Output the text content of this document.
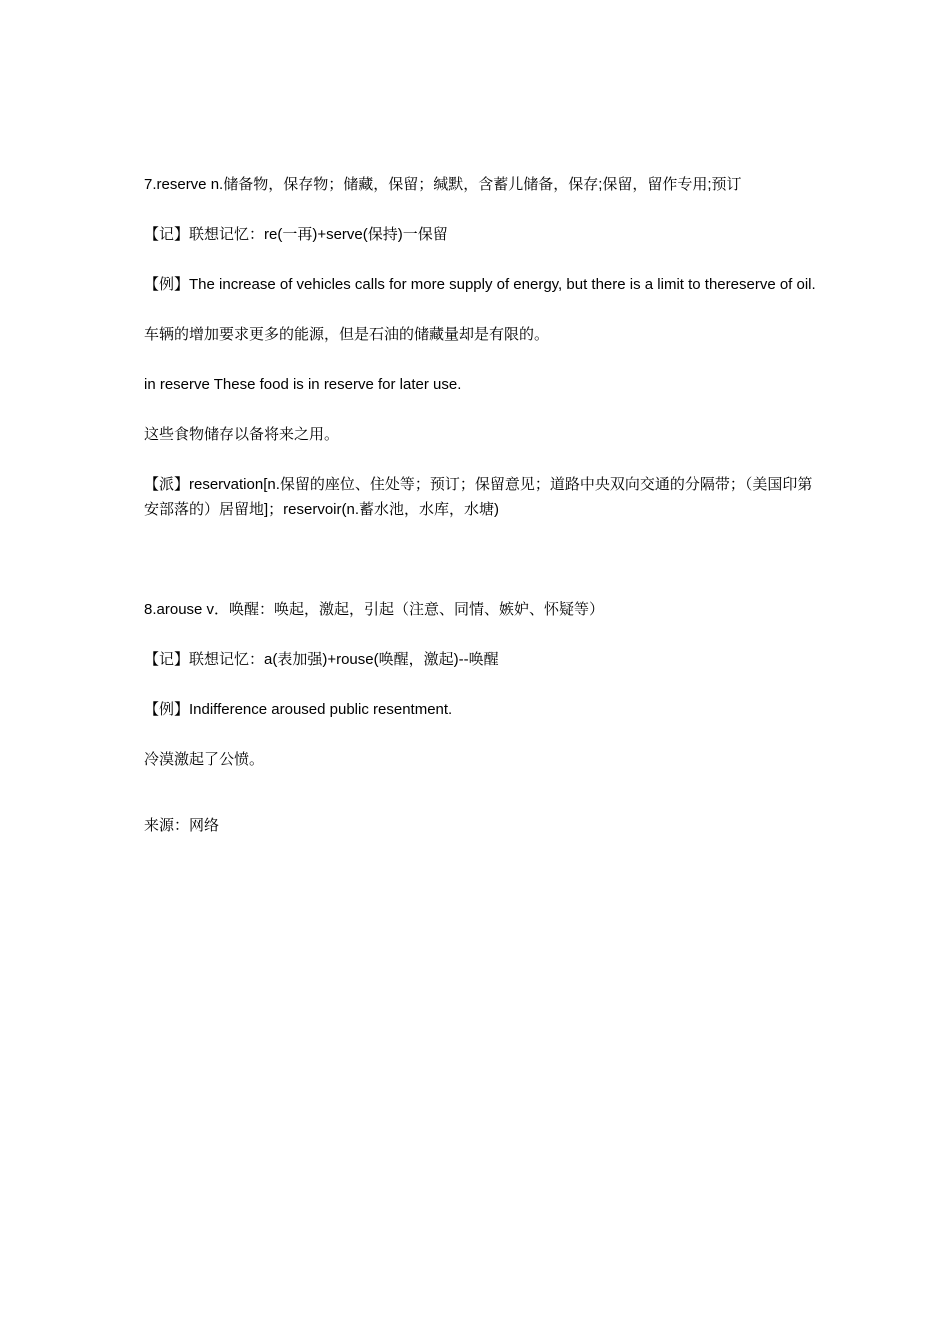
7.reserve n.储备物，保存物；储藏，保留；缄默，含蓄儿储备，保存;保留，留作专用;预订

【记】联想记忆：re(一再)+serve(保持)一保留

【例】The increase of vehicles calls for more supply of energy, but there is a limit to thereserve of oil.

车辆的增加要求更多的能源，但是石油的储藏量却是有限的。

in reserve These food is in reserve for later use.

这些食物储存以备将来之用。

【派】reservation[n.保留的座位、住处等；预订；保留意见；道路中央双向交通的分隔带；（美国印第安部落的）居留地]；reservoir(n.蓄水池，水库，水塘)

8.arouse v．唤醒：唤起，激起，引起（注意、同情、嫉妒、怀疑等）

【记】联想记忆：a(表加强)+rouse(唤醒，激起)--唤醒

【例】Indifference aroused public resentment.

冷漠激起了公愤。

来源：网络
